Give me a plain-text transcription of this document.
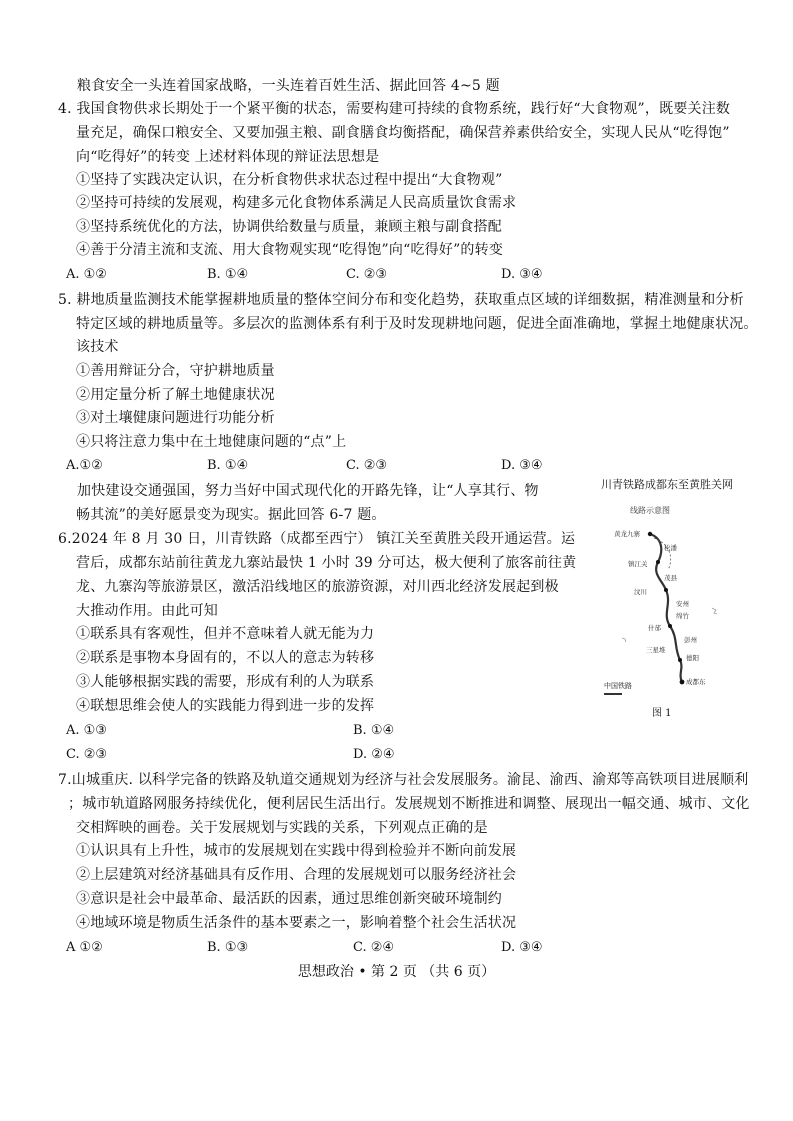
粮食安全一头连着国家战略，一头连着百姓生活、据此回答 4~5 题
4. 我国食物供求长期处于一个紧平衡的状态，需要构建可持续的食物系统，践行好“大食物观”，既要关注数
量充足，确保口粮安全、又要加强主粮、副食膳食均衡搭配，确保营养素供给安全，实现人民从“吃得饱”
向“吃得好”的转变 上述材料体现的辩证法思想是
①坚持了实践决定认识，在分析食物供求状态过程中提出“大食物观”
②坚持可持续的发展观，构建多元化食物体系满足人民高质量饮食需求
③坚持系统优化的方法，协调供给数量与质量，兼顾主粮与副食搭配
④善于分清主流和支流、用大食物观实现“吃得饱”向“吃得好”的转变
A. ①②	B. ①④	C. ②③	D. ③④
5. 耕地质量监测技术能掌握耕地质量的整体空间分布和变化趋势，获取重点区域的详细数据，精准测量和分析
特定区域的耕地质量等。多层次的监测体系有利于及时发现耕地问题，促进全面准确地，掌握土地健康状况。
该技术
①善用辩证分合，守护耕地质量
②用定量分析了解土地健康状况
③对土壤健康问题进行功能分析
④只将注意力集中在土地健康问题的“点”上
A.①②	B. ①④	C. ②③	D. ③④
加快建设交通强国，努力当好中国式现代化的开路先锋，让“人享其行、物
畅其流”的美好愿景变为现实。据此回答 6-7 题。
6.2024 年 8 月 30 日，川青铁路（成都至西宁） 镇江关至黄胜关段开通运营。运
营后，成都东站前往黄龙九寨站最快 1 小时 39 分可达，极大便利了旅客前往黄
龙、九寨沟等旅游景区，激活沿线地区的旅游资源，对川西北经济发展起到极
大推动作用。由此可知
①联系具有客观性，但并不意味着人就无能为力
②联系是事物本身固有的，不以人的意志为转移
③人能够根据实践的需要，形成有利的人为联系
④联想思维会使人的实践能力得到进一步的发挥
A. ①③	B. ①④
C. ②③	D. ②④
川青铁路成都东至黄胜关网
线路示意图
黄龙九寨
松潘
镇江关
茂县
汶川
安州
绵竹
什邡
彭州
三星堆
德阳
成都东
中国铁路
图 1
7.山城重庆. 以科学完备的铁路及轨道交通规划为经济与社会发展服务。渝昆、渝西、渝郑等高铁项目进展顺利
；城市轨道路网服务持续优化，便利居民生活出行。发展规划不断推进和调整、展现出一幅交通、城市、文化
交相辉映的画卷。关于发展规划与实践的关系，下列观点正确的是
①认识具有上升性，城市的发展规划在实践中得到检验并不断向前发展
②上层建筑对经济基础具有反作用、合理的发展规划可以服务经济社会
③意识是社会中最革命、最活跃的因素，通过思维创新突破环境制约
④地域环境是物质生活条件的基本要素之一，影响着整个社会生活状况
A ①②	B. ①③	C. ②④	D. ③④
思想政治 • 第 2 页 （共 6 页）
